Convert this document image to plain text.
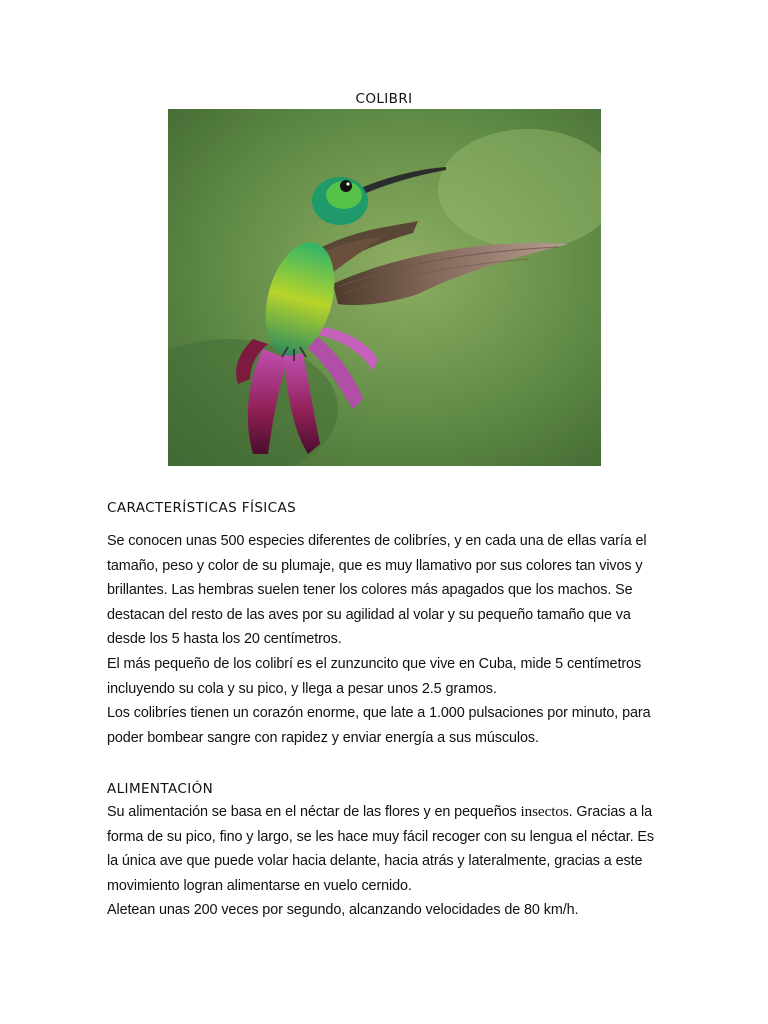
COLIBRI
CARACTERÍSTICAS FÍSICAS

Se conocen unas 500 especies diferentes de colibríes, y en cada una de ellas varía el tamaño, peso y color de su plumaje, que es muy llamativo por sus colores tan vivos y brillantes. Las hembras suelen tener los colores más apagados que los machos. Se destacan del resto de las aves por su agilidad al volar y su pequeño tamaño que va desde los 5 hasta los 20 centímetros.

El más pequeño de los colibrí es el zunzuncito que vive en Cuba, mide 5 centímetros incluyendo su cola y su pico, y llega a pesar unos 2.5 gramos.

Los colibríes tienen un corazón enorme, que late a 1.000 pulsaciones por minuto, para poder bombear sangre con rapidez y enviar energía a sus músculos.

ALIMENTACIÓN

Su alimentación se basa en el néctar de las flores y en pequeños insectos. Gracias a la forma de su pico, fino y largo, se les hace muy fácil recoger con su lengua el néctar. Es la única ave que puede volar hacia delante, hacia atrás y lateralmente, gracias a este movimiento logran alimentarse en vuelo cernido.

Aletean unas 200 veces por segundo, alcanzando velocidades de 80 km/h.
